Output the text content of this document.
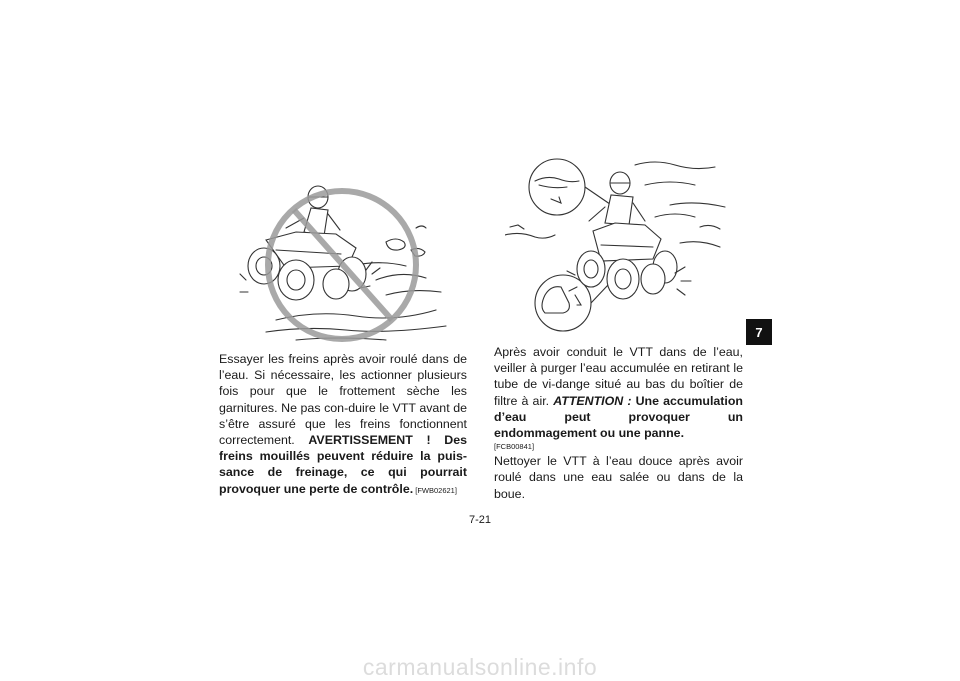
Essayer les freins après avoir roulé dans de l’eau. Si nécessaire, les actionner plusieurs fois pour que le frottement sèche les garnitures. Ne pas con-duire le VTT avant de s’être assuré que les freins fonctionnent correctement. AVERTISSEMENT ! Des freins mouillés peuvent réduire la puis-sance de freinage, ce qui pourrait provoquer une perte de contrôle. [FWB02621]

Après avoir conduit le VTT dans de l’eau, veiller à purger l’eau accumulée en retirant le tube de vi-dange situé au bas du boîtier de filtre à air. ATTENTION : Une accumulation d’eau peut provoquer un endommagement ou une panne.

[FCB00841]

Nettoyer le VTT à l’eau douce après avoir roulé dans une eau salée ou dans de la boue.

7
7-21
carmanualsonline.info
